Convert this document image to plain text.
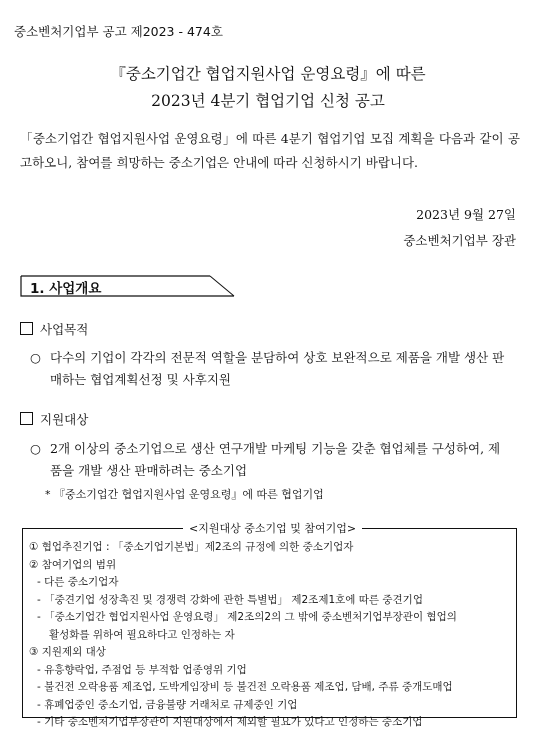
중소벤처기업부 공고 제2023 - 474호
『중소기업간 협업지원사업 운영요령』에 따른
2023년 4분기 협업기업 신청 공고
「중소기업간 협업지원사업 운영요령」에 따른 4분기 협업기업 모집 계획을 다음과 같이 공고하오니, 참여를 희망하는 중소기업은 안내에 따라 신청하시기 바랍니다.
2023년 9월 27일
중소벤처기업부 장관
1. 사업개요
사업목적
○ 다수의 기업이 각각의 전문적 역할을 분담하여 상호 보완적으로 제품을 개발 생산 판매하는 협업계획선정 및 사후지원
지원대상
○ 2개 이상의 중소기업으로 생산 연구개발 마케팅 기능을 갖춘 협업체를 구성하여, 제품을 개발 생산 판매하려는 중소기업
* 『중소기업간 협업지원사업 운영요령』에 따른 협업기업
<지원대상 중소기업 및 참여기업>
① 협업추진기업 : 「중소기업기본법」제2조의 규정에 의한 중소기업자
② 참여기업의 범위
- 다른 중소기업자
- 「중견기업 성장촉진 및 경쟁력 강화에 관한 특별법」 제2조제1호에 따른 중견기업
- 「중소기업간 협업지원사업 운영요령」 제2조의2의 그 밖에 중소벤처기업부장관이 협업의
활성화를 위하여 필요하다고 인정하는 자
③ 지원제외 대상
- 유흥향락업, 주점업 등 부적합 업종영위 기업
- 불건전 오락용품 제조업, 도박게임장비 등 불건전 오락용품 제조업, 담배, 주류 중개도매업
- 휴폐업중인 중소기업, 금융불량 거래처로 규제중인 기업
- 기타 중소벤처기업부장관이 지원대상에서 제외할 필요가 있다고 인정하는 중소기업
